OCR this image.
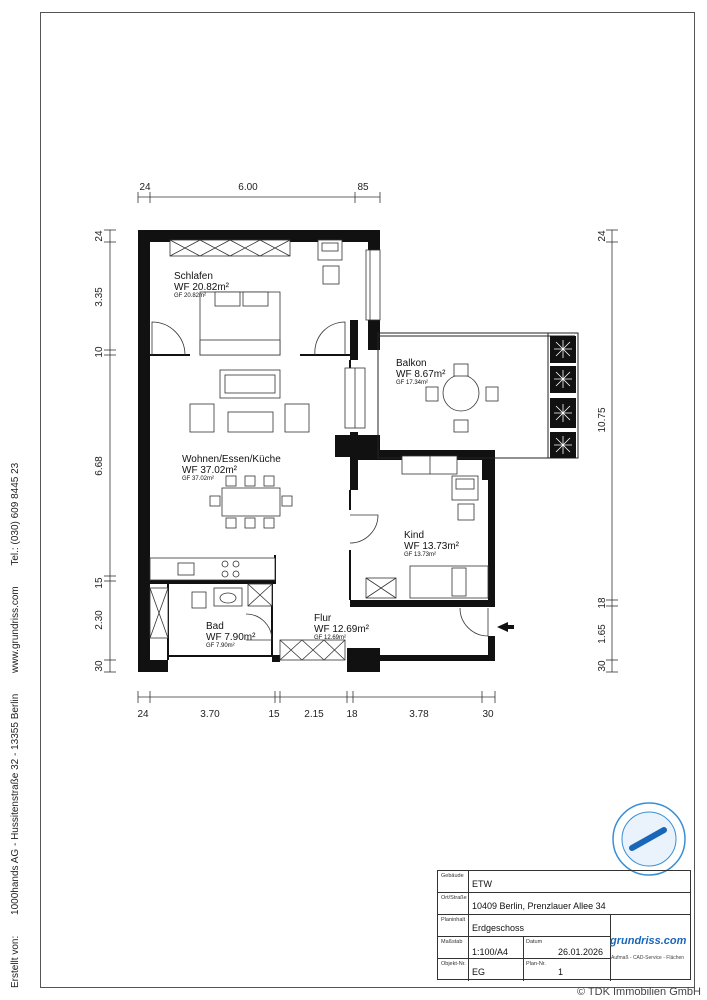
24	6.00	85
24	3.70	15 2.15 18	3.78	30
24
3.35
10
6.68
15
2.30
30
24
10.75
18
1.65
30
Schlafen
WF 20.82m²
GF 20.82m²
Balkon
WF 8.67m²
GF 17.34m²
Wohnen/Essen/Küche
WF 37.02m²
GF 37.02m²
Kind
WF 13.73m²
GF 13.73m²
Bad
WF 7.90m²
GF 7.90m²
Flur
WF 12.69m²
GF 12.69m²
Erstellt von: 1000hands AG - Hussitenstraße 32 - 13355 Berlin www.grundriss.com Tel.: (030) 609 8445 23
Gebäude
ETW
Ort/Straße
10409 Berlin, Prenzlauer Allee 34
Planinhalt
Erdgeschoss
Maßstab
1:100/A4
Datum
26.01.2026
Objekt-Nr.
EG
Plan-Nr.
1
grundriss.com
Aufmaß - CAD-Service - Flächen
© TDK Immobilien GmbH
